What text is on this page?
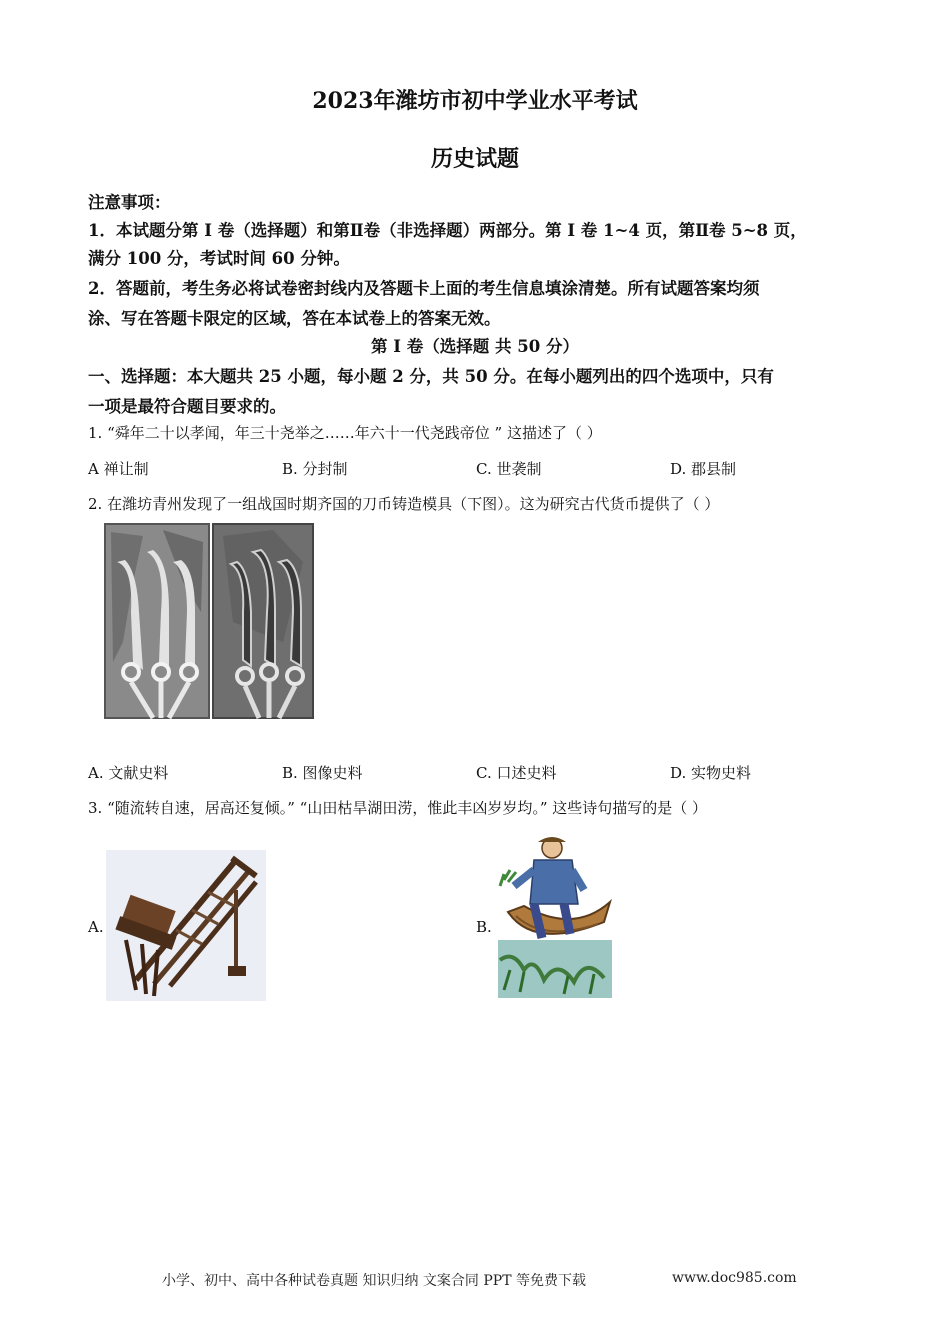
2023年潍坊市初中学业水平考试
历史试题
注意事项：
1．本试题分第 I 卷（选择题）和第Ⅱ卷（非选择题）两部分。第 I 卷 1~4 页，第Ⅱ卷 5~8 页，
满分 100 分，考试时间 60 分钟。
2．答题前，考生务必将试卷密封线内及答题卡上面的考生信息填涂清楚。所有试题答案均须
涂、写在答题卡限定的区域，答在本试卷上的答案无效。
第 I 卷（选择题 共 50 分）
一、选择题：本大题共 25 小题，每小题 2 分，共 50 分。在每小题列出的四个选项中，只有
一项是最符合题目要求的。
1. “舜年二十以孝闻，年三十尧举之……年六十一代尧践帝位 ” 这描述了（ ）
A 禅让制	B. 分封制	C. 世袭制	D. 郡县制
2. 在潍坊青州发现了一组战国时期齐国的刀币铸造模具（下图）。这为研究古代货币提供了（ ）
A. 文献史料	B. 图像史料	C. 口述史料	D. 实物史料
3. “随流转自速，居高还复倾。” “山田枯旱湖田涝，惟此丰凶岁岁均。” 这些诗句描写的是（ ）
A.	B.
小学、初中、高中各种试卷真题 知识归纳 文案合同 PPT 等免费下载	www.doc985.com
